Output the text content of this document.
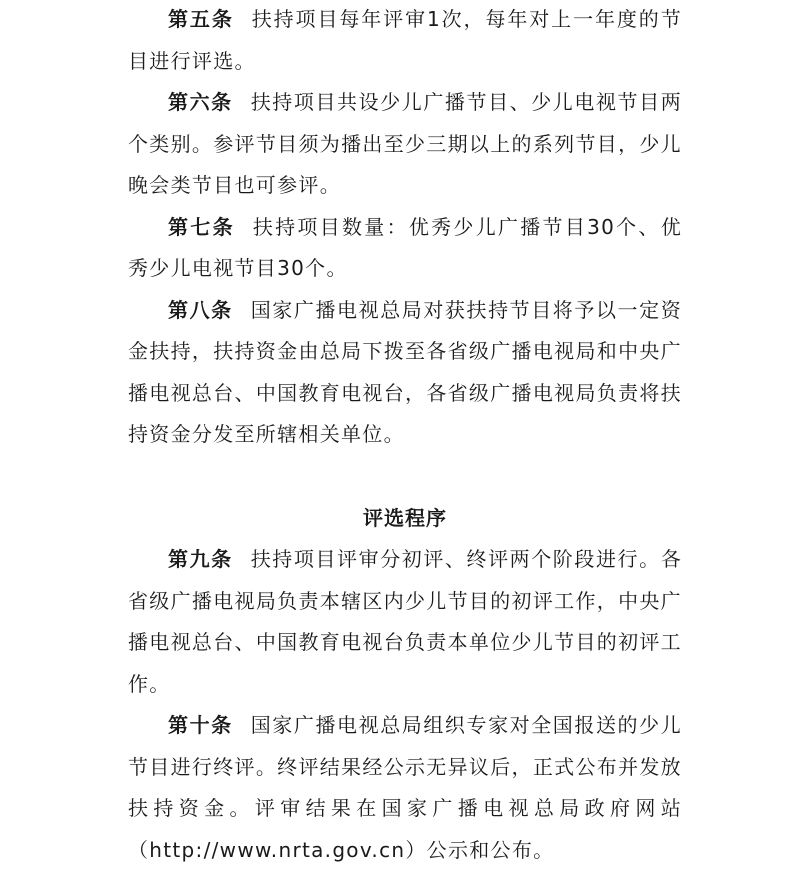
第五条 扶持项目每年评审1次，每年对上一年度的节目进行评选。

第六条 扶持项目共设少儿广播节目、少儿电视节目两个类别。参评节目须为播出至少三期以上的系列节目，少儿晚会类节目也可参评。

第七条 扶持项目数量：优秀少儿广播节目30个、优秀少儿电视节目30个。

第八条 国家广播电视总局对获扶持节目将予以一定资金扶持，扶持资金由总局下拨至各省级广播电视局和中央广播电视总台、中国教育电视台，各省级广播电视局负责将扶持资金分发至所辖相关单位。

评选程序

第九条 扶持项目评审分初评、终评两个阶段进行。各省级广播电视局负责本辖区内少儿节目的初评工作，中央广播电视总台、中国教育电视台负责本单位少儿节目的初评工作。

第十条 国家广播电视总局组织专家对全国报送的少儿节目进行终评。终评结果经公示无异议后，正式公布并发放扶持资金。评审结果在国家广播电视总局政府网站（http://www.nrta.gov.cn）公示和公布。
